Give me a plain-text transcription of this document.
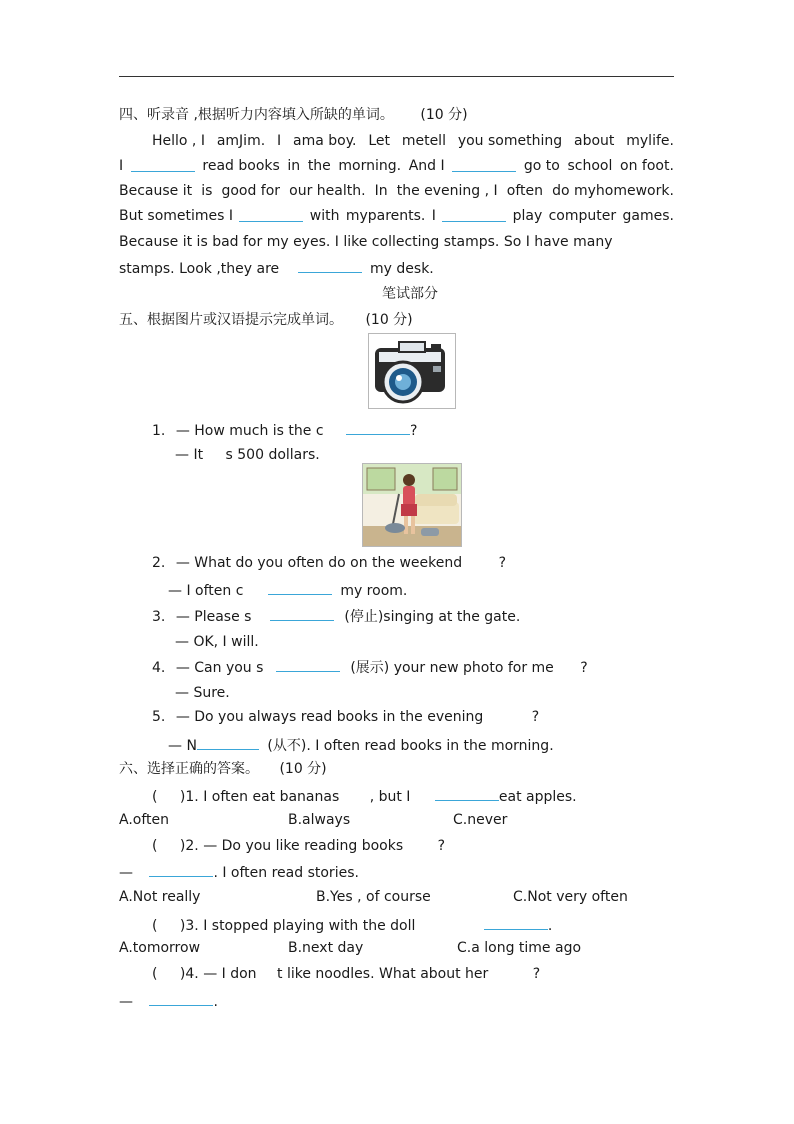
四、听录音 ,根据听力内容填入所缺的单词。 (10 分)
Hello , I amJim. I ama boy. Let metell you something about mylife.
I	read books in the morning. And I	go to school on foot.
Because it is good for our health. In the evening , I often do myhomework.
But sometimes I	with myparents. I	play computer games.
Because it is bad for my eyes. I like collecting stamps. So I have many
stamps. Look ,they are	my desk.
笔试部分
五、根据图片或汉语提示完成单词。 (10 分)
1. — How much is the c	?
— It s 500 dollars.
2. — What do you often do on the weekend	?
— I often c	my room.
3. — Please s	(停止)singing at the gate.
— OK, I will.
4. — Can you s	(展示) your new photo for me ?
— Sure.
5. — Do you always read books in the evening	?
— N	(从不). I often read books in the morning.
六、选择正确的答案。 (10 分)
( )1. I often eat bananas , but I	eat apples.
A.often	B.always	C.never
( )2. — Do you like reading books ?
—	. I often read stories.
A.Not really	B.Yes , of course	C.Not very often
( )3. I stopped playing with the doll	.
A.tomorrow	B.next day	C.a long time ago
( )4. — I don t like noodles. What about her	?
—	.
